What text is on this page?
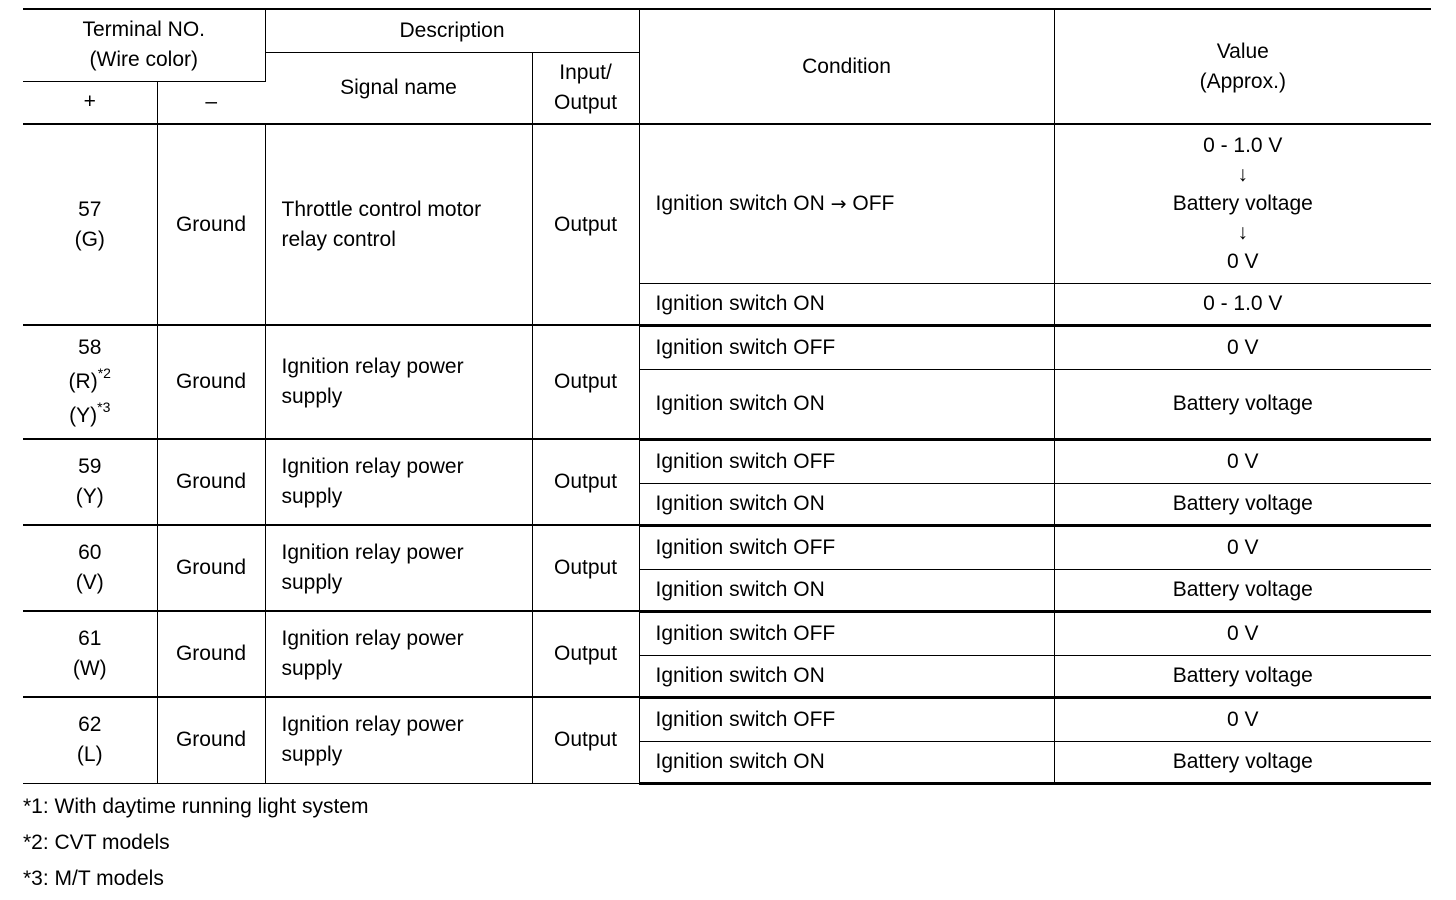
Terminal NO.
(Wire color)		Description		Condition	Value
(Approx.)

		Signal name	Input/
Output		

+	–				

57
(G)	Ground	Throttle control motor
relay control	Output	Ignition switch ON → OFF	0 - 1.0 V
↓
Battery voltage
↓
0 V

				Ignition switch ON	0 - 1.0 V

58
$(R)^{*2}$
$(Y)^{*3}$	Ground	Ignition relay power
supply	Output	Ignition switch OFF	0 V
				Ignition switch ON	Battery voltage

59
(Y)	Ground	Ignition relay power
supply	Output	Ignition switch OFF	0 V
				Ignition switch ON	Battery voltage

60
(V)	Ground	Ignition relay power
supply	Output	Ignition switch OFF	0 V
				Ignition switch ON	Battery voltage

61
(W)	Ground	Ignition relay power
supply	Output	Ignition switch OFF	0 V
				Ignition switch ON	Battery voltage

62
(L)	Ground	Ignition relay power
supply	Output	Ignition switch OFF	0 V
				Ignition switch ON	Battery voltage
*1: With daytime running light system
*2: CVT models
*3: M/T models
